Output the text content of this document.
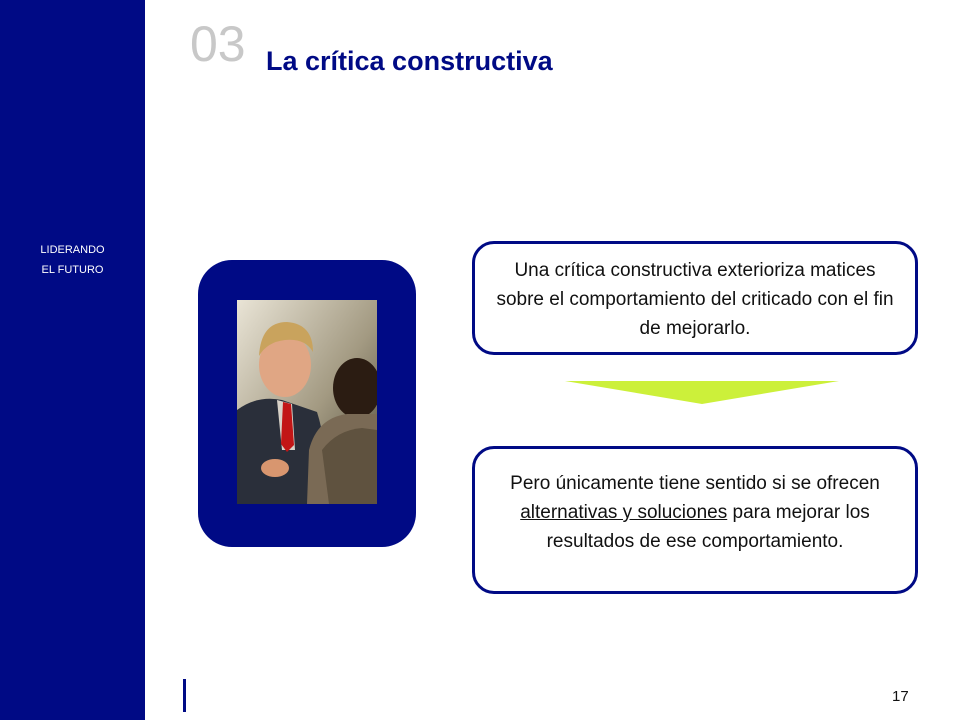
LIDERANDO
EL FUTURO
03 La crítica constructiva
Una crítica constructiva exterioriza matices sobre el comportamiento del criticado con el fin de mejorarlo.
Pero únicamente tiene sentido si se ofrecen alternativas y soluciones para mejorar los resultados de ese comportamiento.
17
